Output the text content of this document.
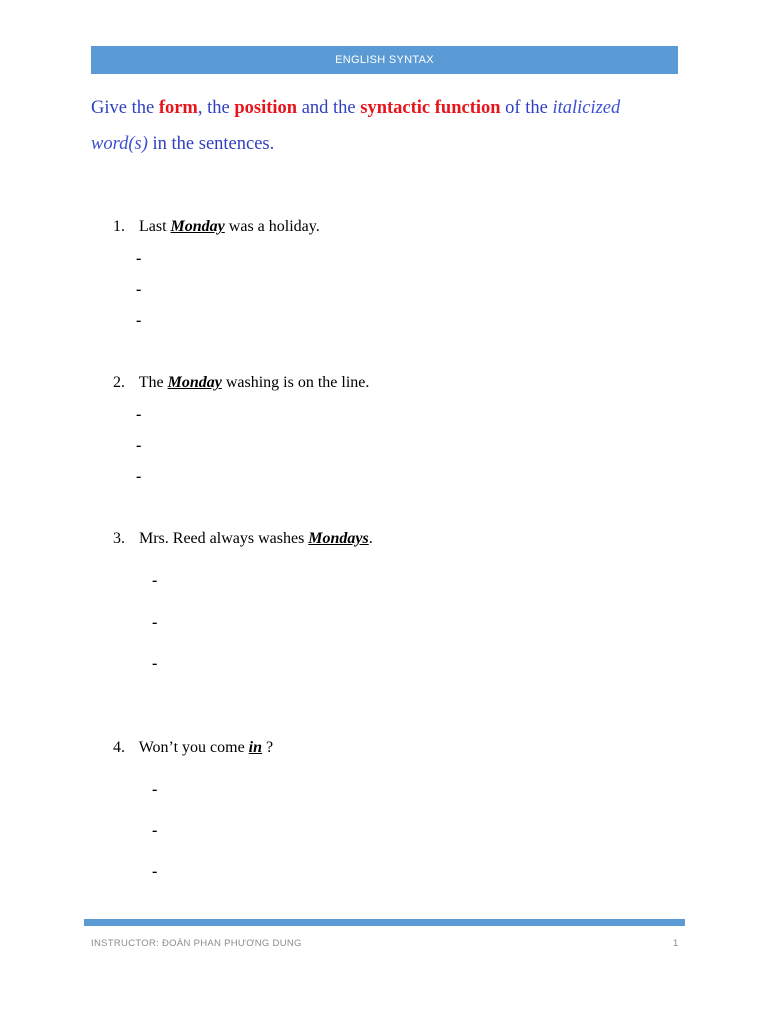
ENGLISH SYNTAX
Give the form, the position and the syntactic function of the italicized word(s) in the sentences.
1. Last Monday was a holiday.
-
-
-
2. The Monday washing is on the line.
-
-
-
3. Mrs. Reed always washes Mondays.
-
-
-
4. Won’t you come in ?
-
-
-
INSTRUCTOR: ĐOÀN PHAN PHƯƠNG DUNG	1
